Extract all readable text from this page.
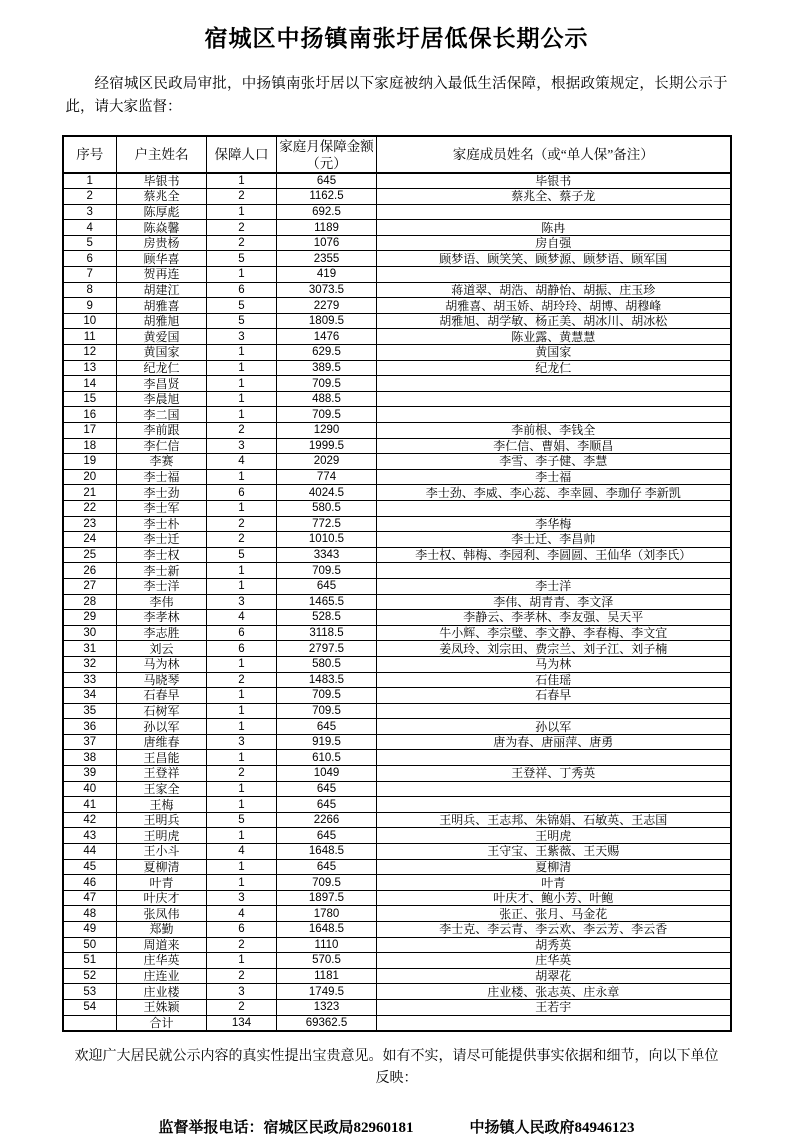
宿城区中扬镇南张圩居低保长期公示

经宿城区民政局审批，中扬镇南张圩居以下家庭被纳入最低生活保障，根据政策规定，长期公示于此，请大家监督：

序号	户主姓名	保障人口	家庭月保障金额（元）	家庭成员姓名（或“单人保”备注）
1	毕银书	1	645	毕银书
2	蔡兆全	2	1162.5	蔡兆全、蔡子龙
3	陈厚彪	1	692.5	
4	陈焱馨	2	1189	陈冉
5	房贵杨	2	1076	房自强
6	顾华喜	5	2355	顾梦语、顾笑笑、顾梦源、顾梦语、顾军国
7	贺再连	1	419	
8	胡建江	6	3073.5	蒋道翠、胡浩、胡静怡、胡振、庄玉珍
9	胡雅喜	5	2279	胡雅喜、胡玉娇、胡玲玲、胡博、胡穆峰
10	胡雅旭	5	1809.5	胡雅旭、胡学敏、杨正美、胡冰川、胡冰松
11	黄爱国	3	1476	陈业露、黄慧慧
12	黄国家	1	629.5	黄国家
13	纪龙仁	1	389.5	纪龙仁
14	李昌贤	1	709.5	
15	李晨旭	1	488.5	
16	李二国	1	709.5	
17	李前跟	2	1290	李前根、李钱全
18	李仁信	3	1999.5	李仁信、曹娟、李顺昌
19	李赛	4	2029	李雪、李子健、李慧
20	李士福	1	774	李士福
21	李士劲	6	4024.5	李士劲、李威、李心蕊、李幸圆、李珈仔 李新凯
22	李士军	1	580.5	
23	李士朴	2	772.5	李华梅
24	李士迁	2	1010.5	李士迁、李昌帅
25	李士权	5	3343	李士权、韩梅、李园利、李圆圆、王仙华（刘李氏）
26	李士新	1	709.5	
27	李士洋	1	645	李士洋
28	李伟	3	1465.5	李伟、胡青青、李文泽
29	李孝林	4	528.5	李静云、李孝林、李友强、吴天平
30	李志胜	6	3118.5	牛小辉、李宗璧、李文静、李春梅、李文宜
31	刘云	6	2797.5	姜凤玲、刘宗田、费宗兰、刘子江、刘子楠
32	马为林	1	580.5	马为林
33	马晓琴	2	1483.5	石佳瑶
34	石春早	1	709.5	石春早
35	石树军	1	709.5	
36	孙以军	1	645	孙以军
37	唐维春	3	919.5	唐为春、唐丽萍、唐勇
38	王昌能	1	610.5	
39	王登祥	2	1049	王登祥、丁秀英
40	王家全	1	645	
41	王梅	1	645	
42	王明兵	5	2266	王明兵、王志邦、朱锦娟、石敏英、王志国
43	王明虎	1	645	王明虎
44	王小斗	4	1648.5	王守宝、王紫薇、王天赐
45	夏柳清	1	645	夏柳清
46	叶青	1	709.5	叶青
47	叶庆才	3	1897.5	叶庆才、鲍小芳、叶鲍
48	张凤伟	4	1780	张正、张月、马金花
49	郑勤	6	1648.5	李士克、李云青、李云欢、李云芳、李云香
50	周道来	2	1110	胡秀英
51	庄华英	1	570.5	庄华英
52	庄连业	2	1181	胡翠花
53	庄业楼	3	1749.5	庄业楼、张志英、庄永章
54	王姝颖	2	1323	王若宇
	合计	134	69362.5	

欢迎广大居民就公示内容的真实性提出宝贵意见。如有不实，请尽可能提供事实依据和细节，向以下单位反映：

监督举报电话：宿城区民政局82960181	中扬镇人民政府84946123
